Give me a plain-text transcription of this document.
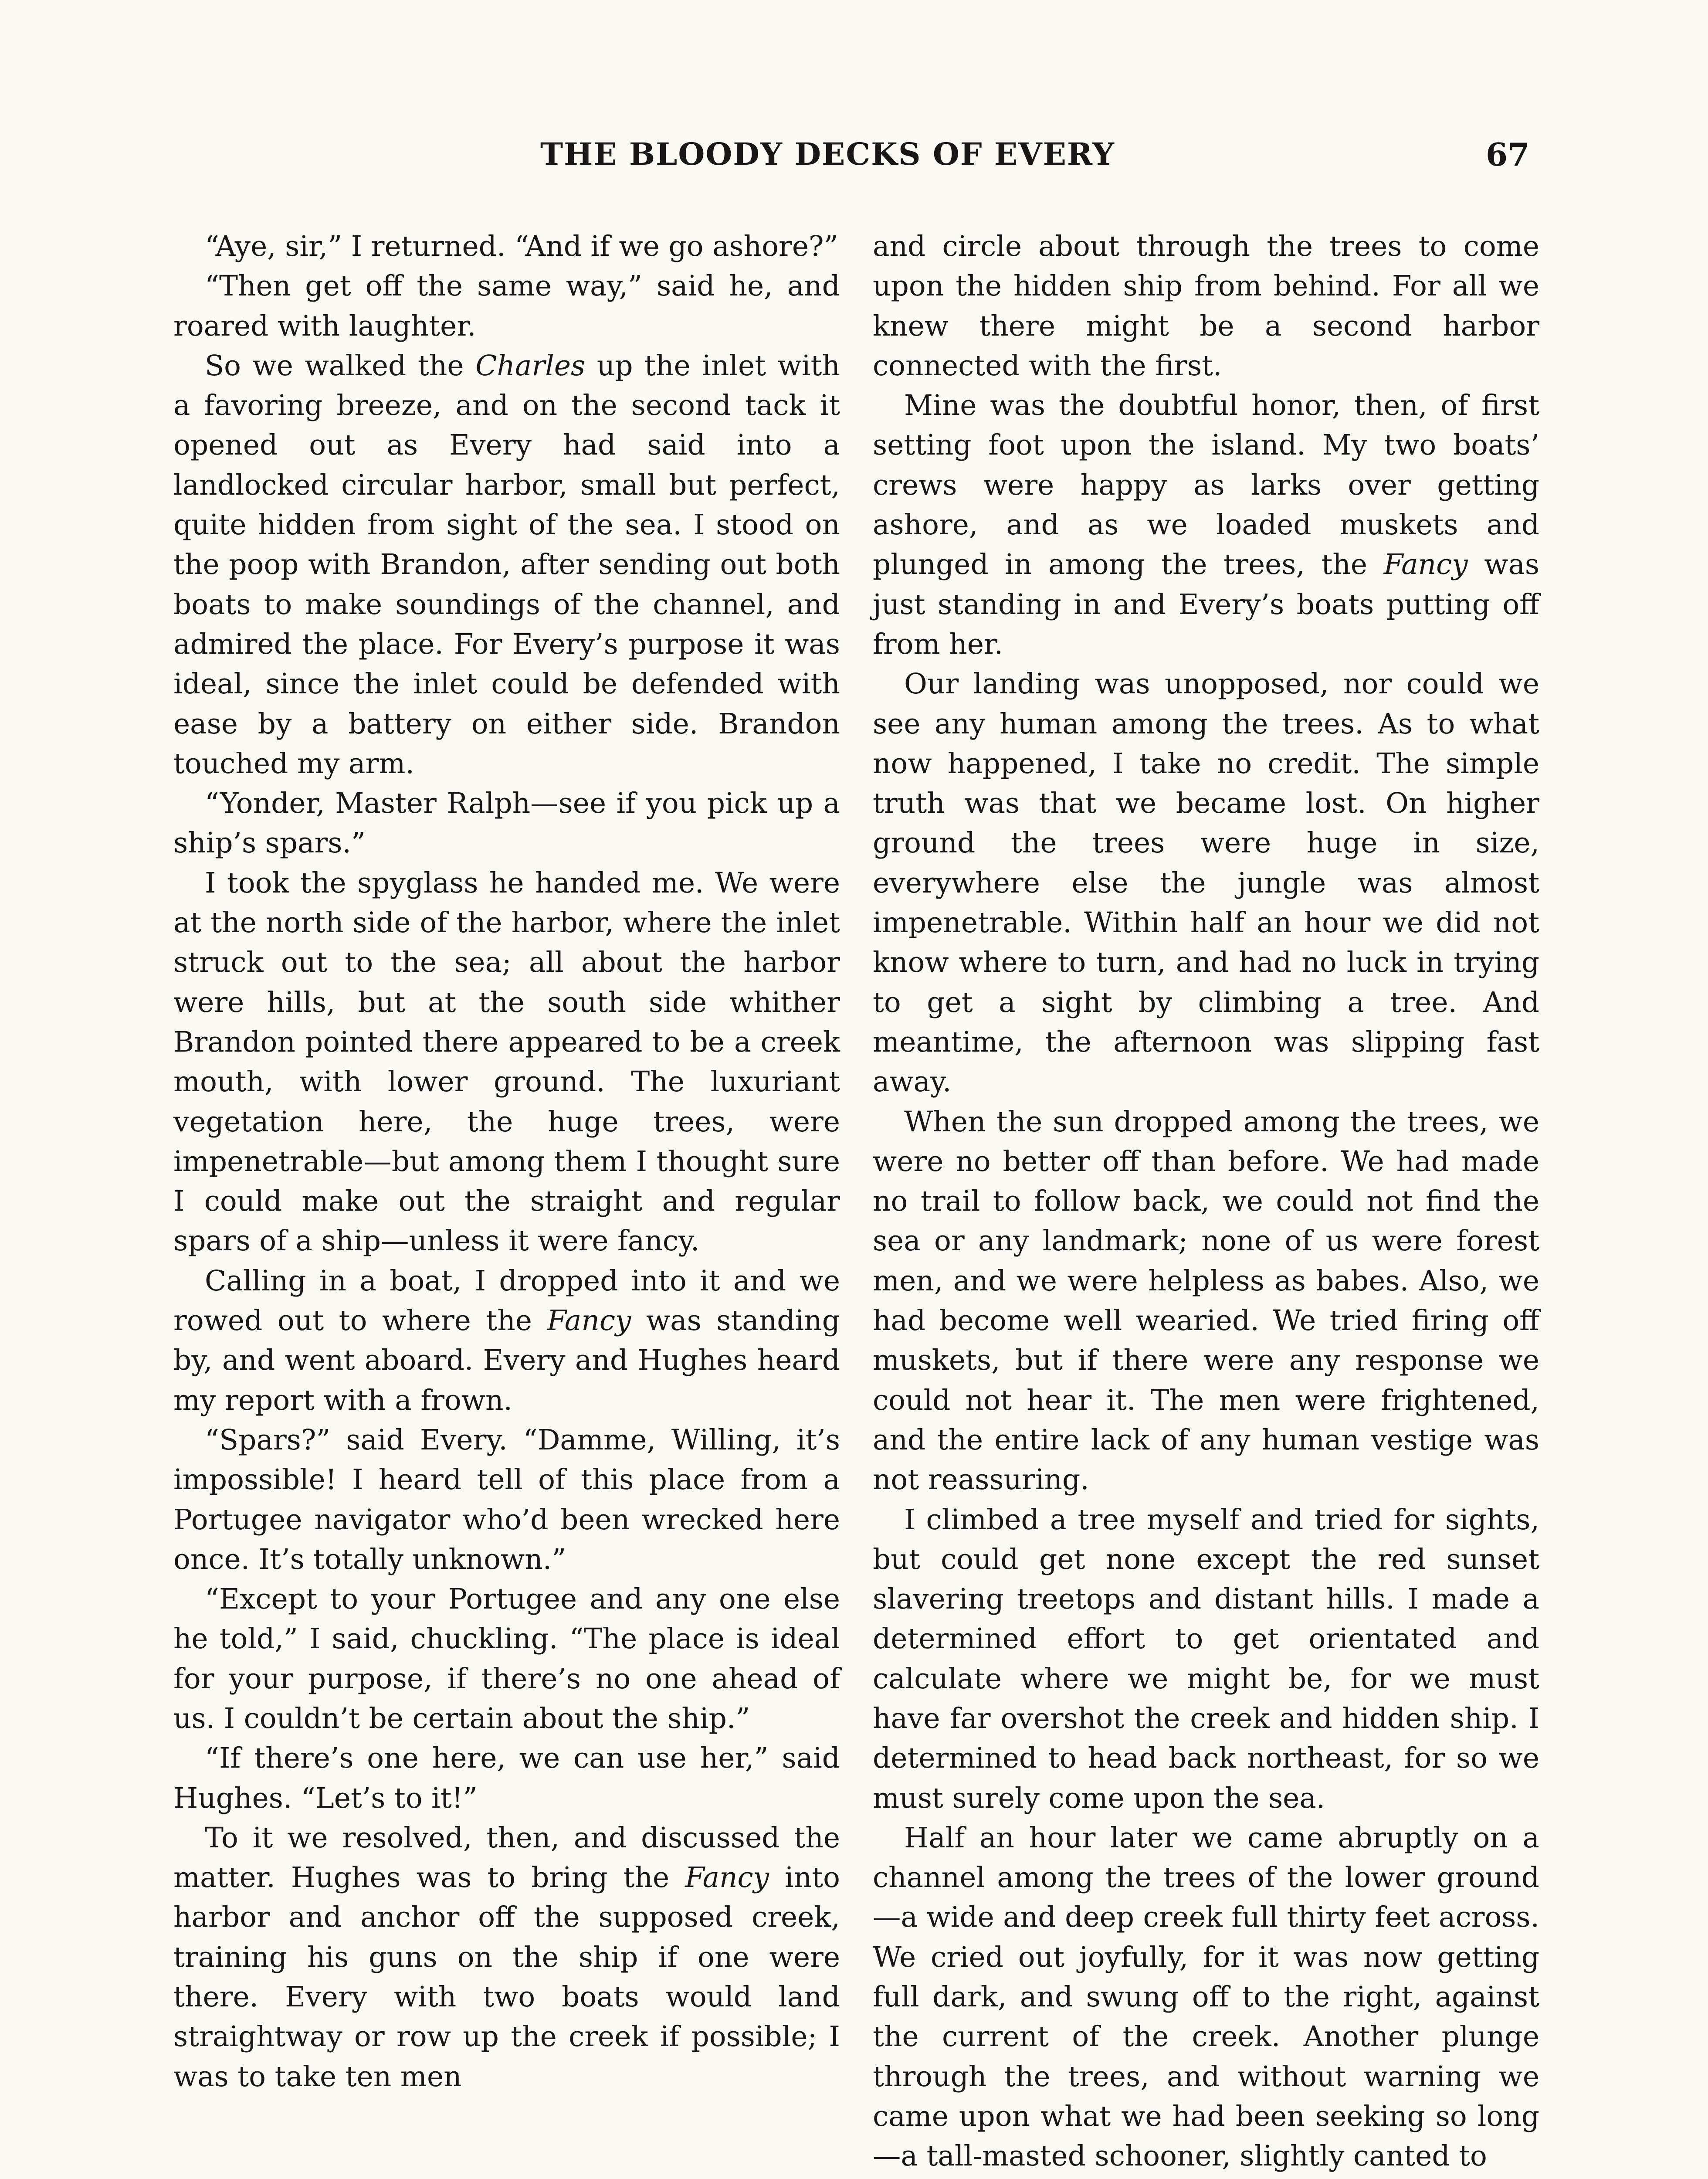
THE BLOODY DECKS OF EVERY	67

“Aye, sir,” I returned. “And if we go ashore?”

“Then get off the same way,” said he, and roared with laughter.

So we walked the Charles up the inlet with a favoring breeze, and on the second tack it opened out as Every had said into a landlocked circular harbor, small but perfect, quite hidden from sight of the sea. I stood on the poop with Brandon, after sending out both boats to make soundings of the channel, and admired the place. For Every’s purpose it was ideal, since the inlet could be defended with ease by a battery on either side. Brandon touched my arm.

“Yonder, Master Ralph—see if you pick up a ship’s spars.”

I took the spyglass he handed me. We were at the north side of the harbor, where the inlet struck out to the sea; all about the harbor were hills, but at the south side whither Brandon pointed there appeared to be a creek mouth, with lower ground. The luxuriant vegetation here, the huge trees, were impenetrable—but among them I thought sure I could make out the straight and regular spars of a ship—unless it were fancy.

Calling in a boat, I dropped into it and we rowed out to where the Fancy was standing by, and went aboard. Every and Hughes heard my report with a frown.

“Spars?” said Every. “Damme, Willing, it’s impossible! I heard tell of this place from a Portugee navigator who’d been wrecked here once. It’s totally unknown.”

“Except to your Portugee and any one else he told,” I said, chuckling. “The place is ideal for your purpose, if there’s no one ahead of us. I couldn’t be certain about the ship.”

“If there’s one here, we can use her,” said Hughes. “Let’s to it!”

To it we resolved, then, and discussed the matter. Hughes was to bring the Fancy into harbor and anchor off the supposed creek, training his guns on the ship if one were there. Every with two boats would land straightway or row up the creek if possible; I was to take ten men

and circle about through the trees to come upon the hidden ship from behind. For all we knew there might be a second harbor connected with the first.

Mine was the doubtful honor, then, of first setting foot upon the island. My two boats’ crews were happy as larks over getting ashore, and as we loaded muskets and plunged in among the trees, the Fancy was just standing in and Every’s boats putting off from her.

Our landing was unopposed, nor could we see any human among the trees. As to what now happened, I take no credit. The simple truth was that we became lost. On higher ground the trees were huge in size, everywhere else the jungle was almost impenetrable. Within half an hour we did not know where to turn, and had no luck in trying to get a sight by climbing a tree. And meantime, the afternoon was slipping fast away.

When the sun dropped among the trees, we were no better off than before. We had made no trail to follow back, we could not find the sea or any landmark; none of us were forest men, and we were helpless as babes. Also, we had become well wearied. We tried firing off muskets, but if there were any response we could not hear it. The men were frightened, and the entire lack of any human vestige was not reassuring.

I climbed a tree myself and tried for sights, but could get none except the red sunset slavering treetops and distant hills. I made a determined effort to get orientated and calculate where we might be, for we must have far overshot the creek and hidden ship. I determined to head back northeast, for so we must surely come upon the sea.

Half an hour later we came abruptly on a channel among the trees of the lower ground—a wide and deep creek full thirty feet across. We cried out joyfully, for it was now getting full dark, and swung off to the right, against the current of the creek. Another plunge through the trees, and without warning we came upon what we had been seeking so long—a tall-masted schooner, slightly canted to
